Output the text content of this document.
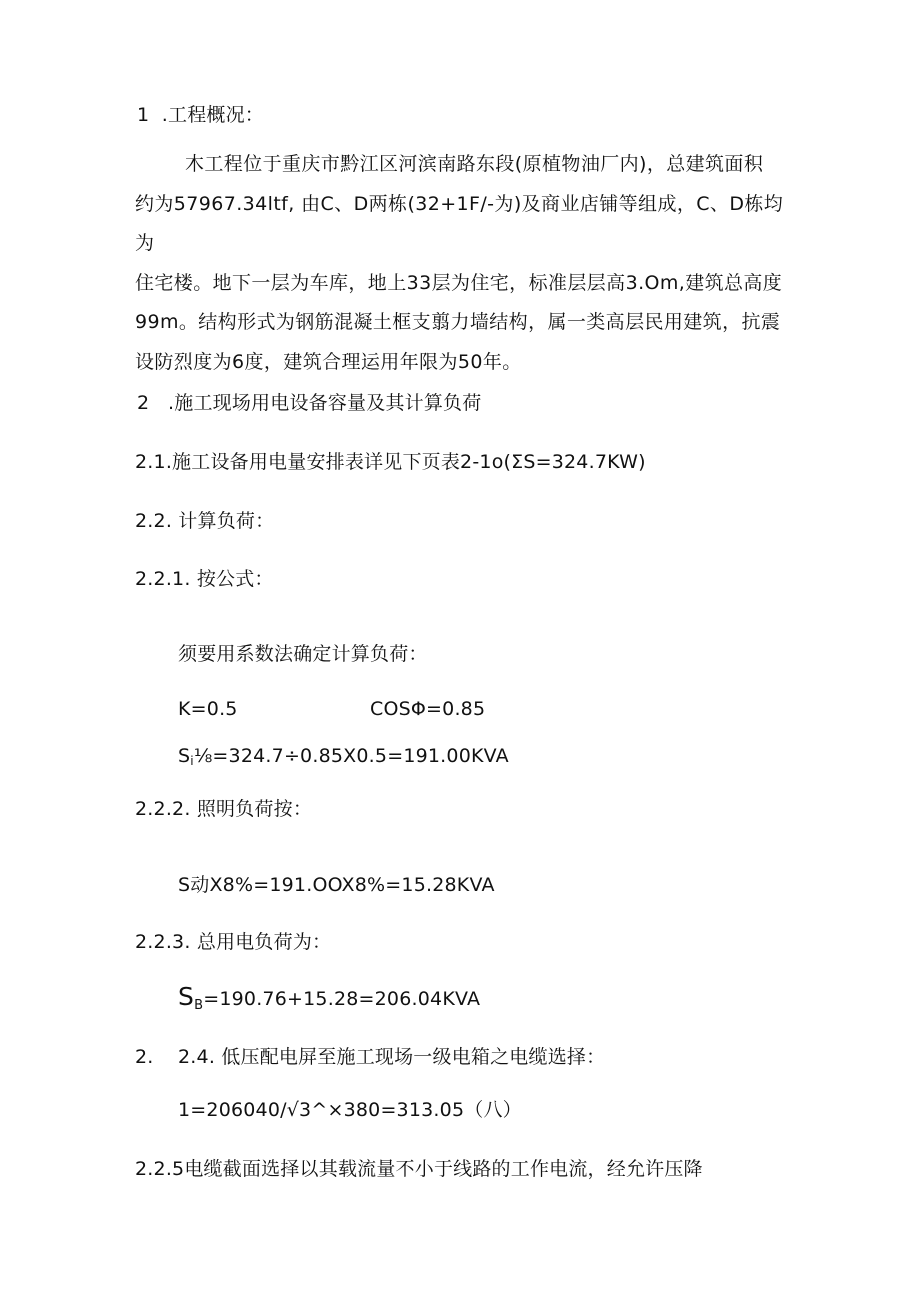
1  .工程概况：

木工程位于重庆市黔江区河滨南路东段(原植物油厂内)，总建筑面积

约为57967.34ltf, 由C、D两栋(32+1F/-为)及商业店铺等组成，C、D栋均为

住宅楼。地下一层为车库，地上33层为住宅，标准层层高3.Om,建筑总高度

99m。结构形式为钢筋混凝土框支翦力墙结构，属一类高层民用建筑，抗震

设防烈度为6度，建筑合理运用年限为50年。

2   .施工现场用电设备容量及其计算负荷
2.1.施工设备用电量安排表详见下页表2-1o(ΣS=324.7KW)
2.2. 计算负荷：
2.2.1. 按公式：
须要用系数法确定计算负荷：
K=0.5	COSΦ=0.85
Si⅛=324.7÷0.85X0.5=191.00KVA
2.2.2. 照明负荷按：
S动X8%=191.OOX8%=15.28KVA
2.2.3. 总用电负荷为：
$S_B=190.76+15.28=206.04KVA$
2. 2.4. 低压配电屏至施工现场一级电箱之电缆选择：
1=206040/√3^×380=313.05（八）
2.2.5电缆截面选择以其载流量不小于线路的工作电流，经允许压降
